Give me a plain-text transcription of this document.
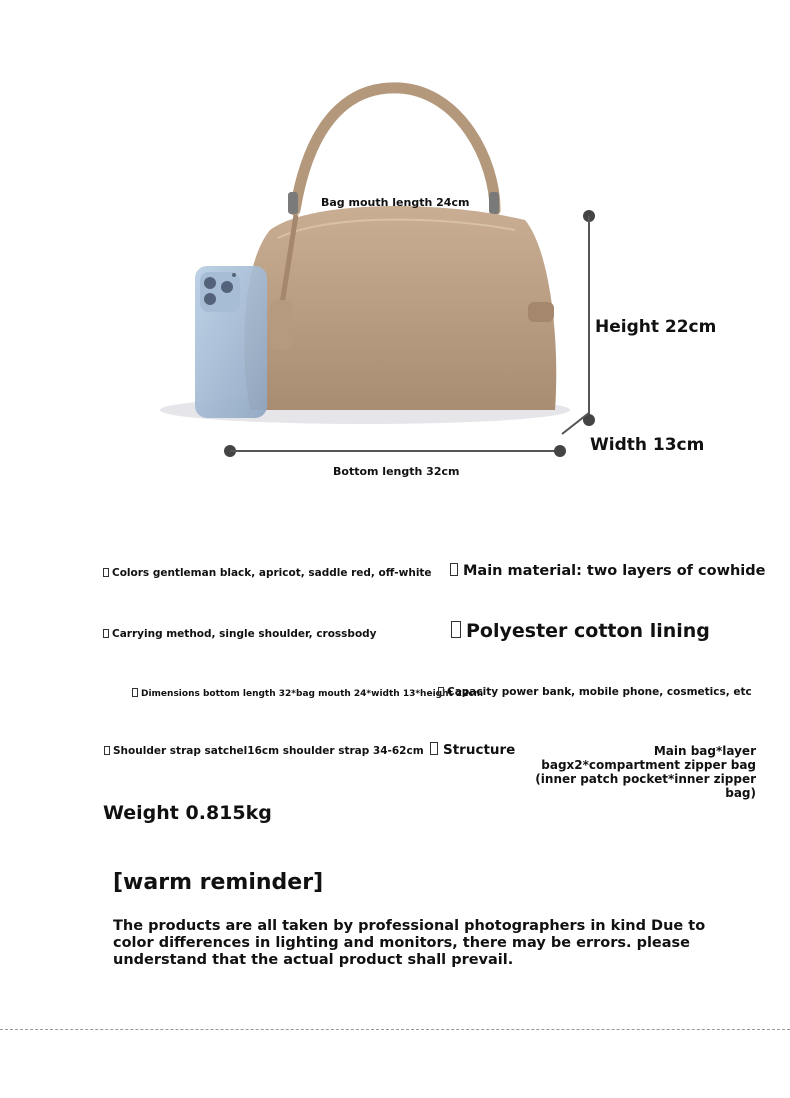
Bag mouth length 24cm
Height 22cm
Width 13cm
Bottom length 32cm
Colors gentleman black, apricot, saddle red, off-white	Main material: two layers of cowhide
Carrying method, single shoulder, crossbody	Polyester cotton lining
Dimensions bottom length 32*bag mouth 24*width 13*height 22cm
Capacity power bank, mobile phone, cosmetics, etc
Shoulder strap satchel16cm shoulder strap 34-62cm	Structure	Main bag*layer bagx2*compartment zipper bag (inner patch pocket*inner zipper bag)
Weight 0.815kg
[warm reminder]
The products are all taken by professional photographers in kind Due to color differences in lighting and monitors, there may be errors. please understand that the actual product shall prevail.
